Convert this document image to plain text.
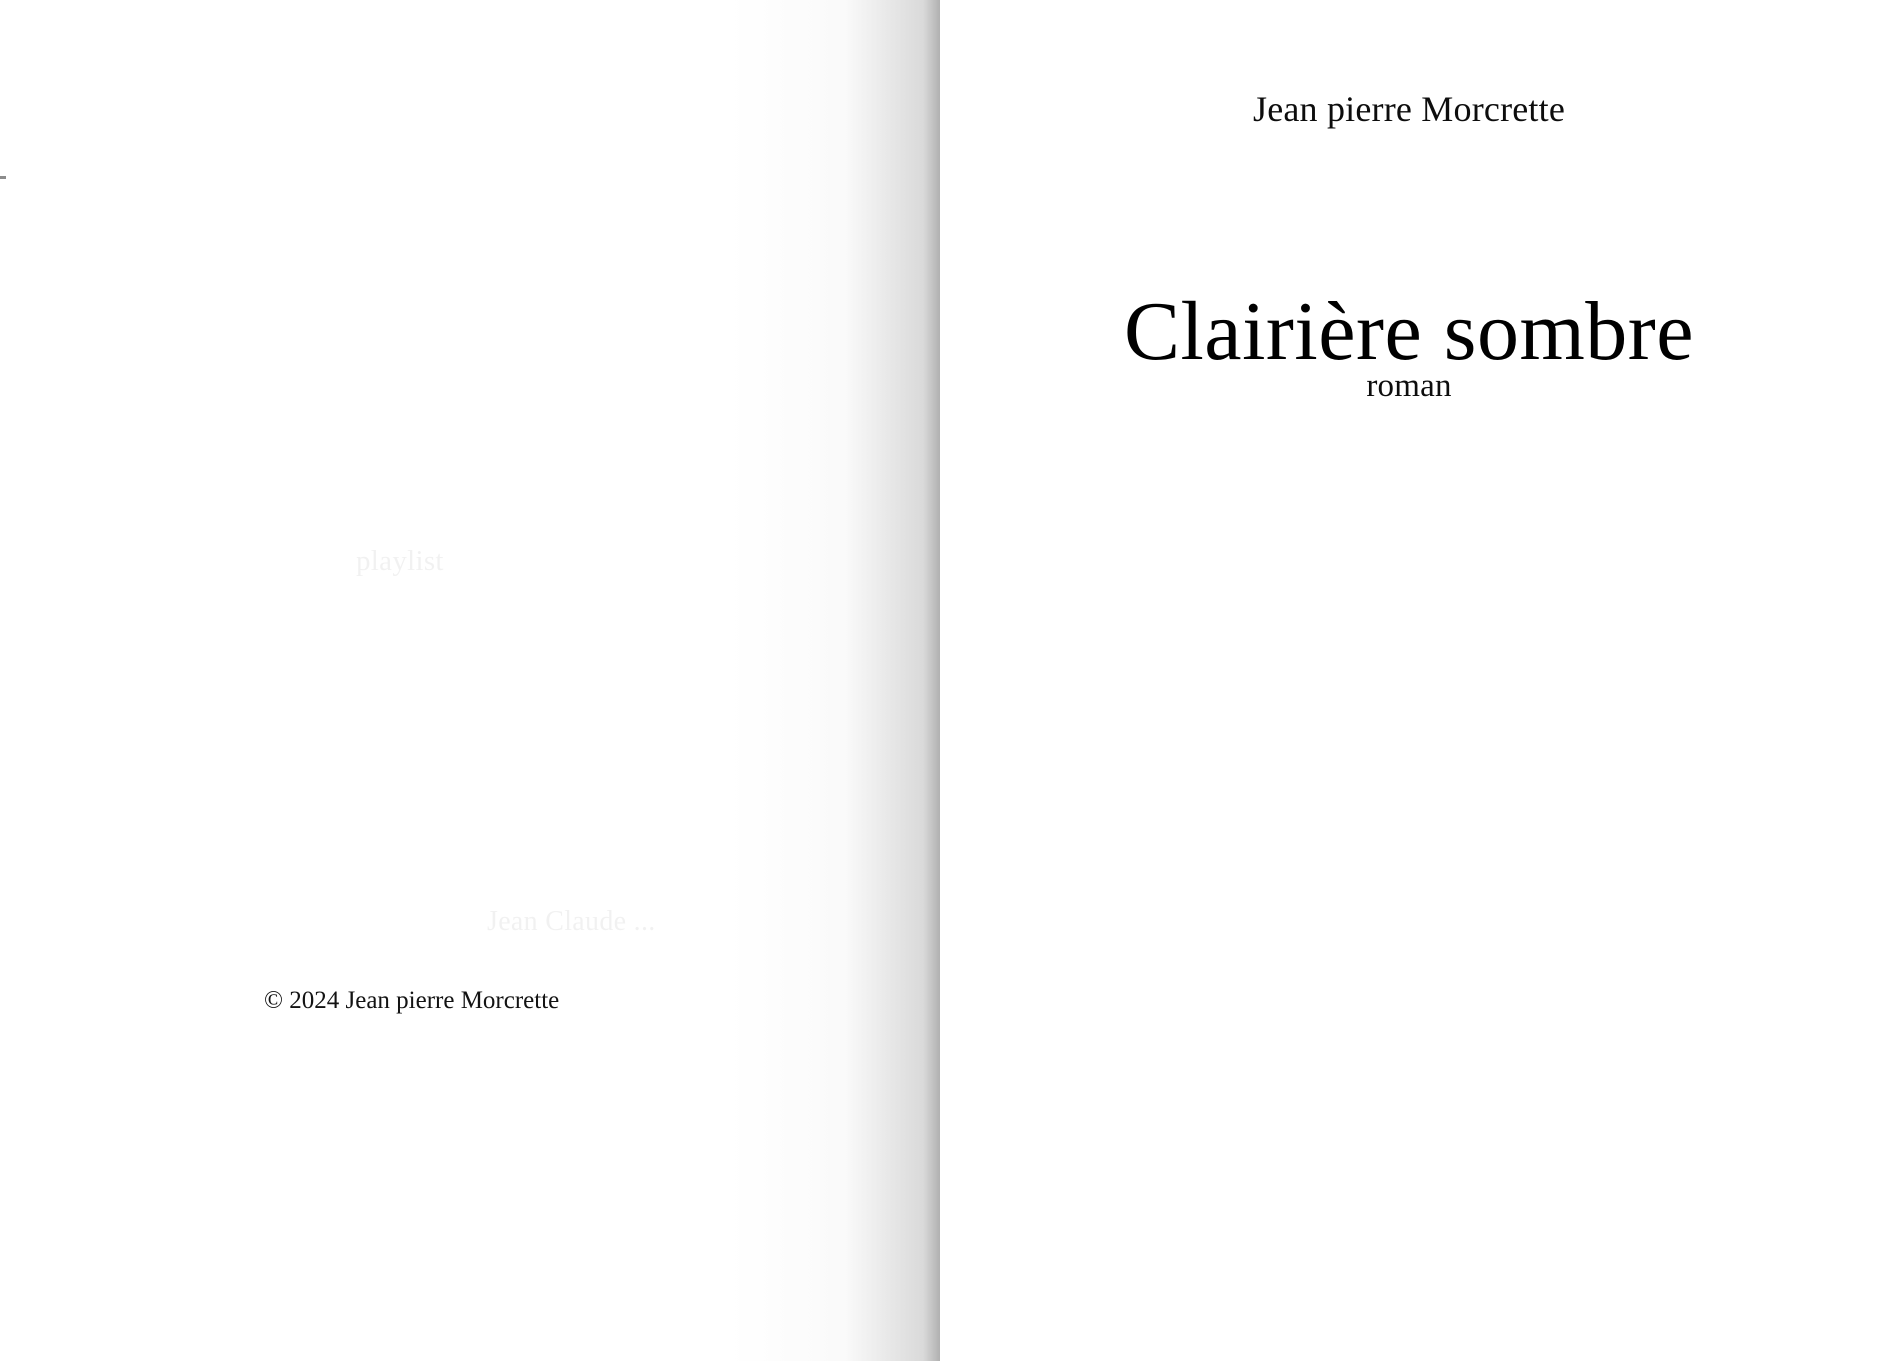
playlist
Jean Claude ...
© 2024 Jean pierre Morcrette
Jean pierre Morcrette
Clairière sombre
roman
